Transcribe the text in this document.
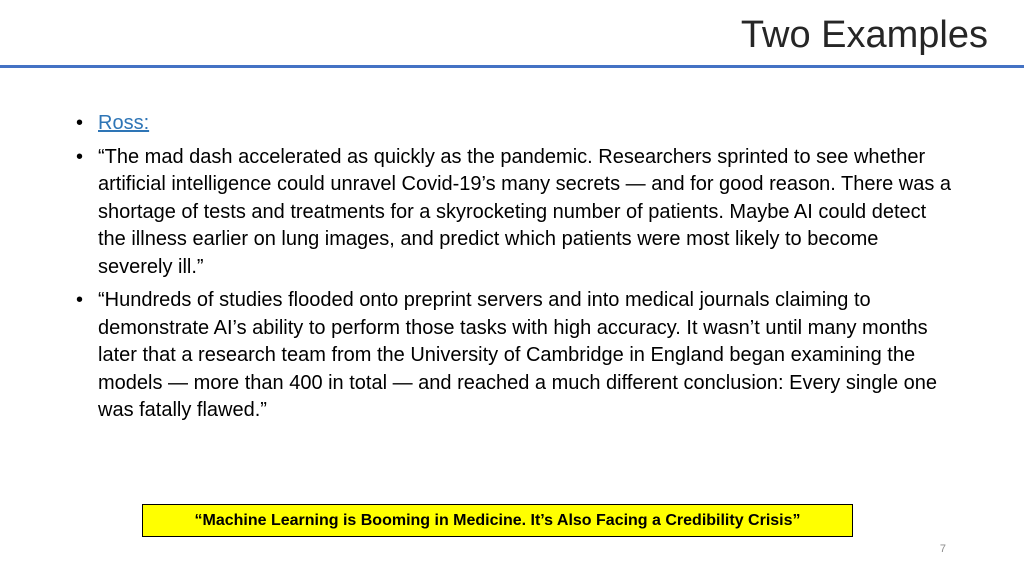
Two Examples
• Ross:
• “The mad dash accelerated as quickly as the pandemic. Researchers sprinted to see whether artificial intelligence could unravel Covid-19’s many secrets — and for good reason. There was a shortage of tests and treatments for a skyrocketing number of patients. Maybe AI could detect the illness earlier on lung images, and predict which patients were most likely to become severely ill.”
• “Hundreds of studies flooded onto preprint servers and into medical journals claiming to demonstrate AI’s ability to perform those tasks with high accuracy. It wasn’t until many months later that a research team from the University of Cambridge in England began examining the models — more than 400 in total — and reached a much different conclusion: Every single one was fatally flawed.”
“Machine Learning is Booming in Medicine. It’s Also Facing a Credibility Crisis”
7
